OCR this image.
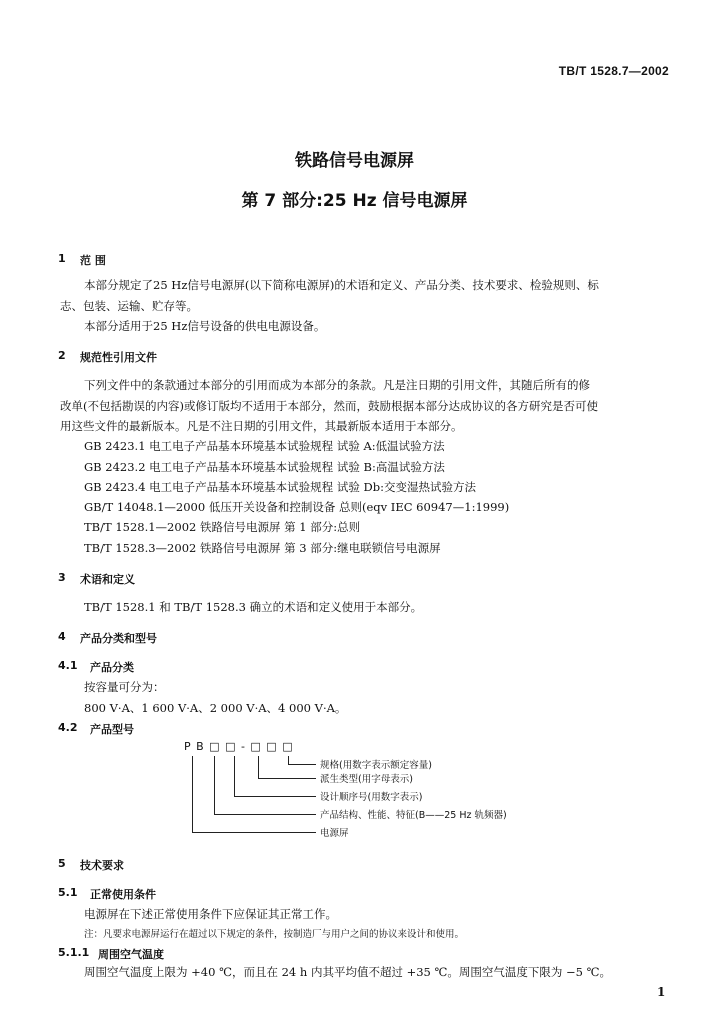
TB/T 1528.7—2002
铁路信号电源屏
第 7 部分:25 Hz 信号电源屏
1 范 围
本部分规定了25 Hz信号电源屏(以下简称电源屏)的术语和定义、产品分类、技术要求、检验规则、标
志、包装、运输、贮存等。
本部分适用于25 Hz信号设备的供电电源设备。
2 规范性引用文件
下列文件中的条款通过本部分的引用而成为本部分的条款。凡是注日期的引用文件，其随后所有的修
改单(不包括勘误的内容)或修订版均不适用于本部分，然而，鼓励根据本部分达成协议的各方研究是否可使
用这些文件的最新版本。凡是不注日期的引用文件，其最新版本适用于本部分。
GB 2423.1 电工电子产品基本环境基本试验规程 试验 A:低温试验方法
GB 2423.2 电工电子产品基本环境基本试验规程 试验 B:高温试验方法
GB 2423.4 电工电子产品基本环境基本试验规程 试验 Db:交变湿热试验方法
GB/T 14048.1—2000 低压开关设备和控制设备 总则(eqv IEC 60947—1:1999)
TB/T 1528.1—2002 铁路信号电源屏 第 1 部分:总则
TB/T 1528.3—2002 铁路信号电源屏 第 3 部分:继电联锁信号电源屏
3 术语和定义
TB/T 1528.1 和 TB/T 1528.3 确立的术语和定义使用于本部分。
4 产品分类和型号
4.1 产品分类
按容量可分为：
800 V·A、1 600 V·A、2 000 V·A、4 000 V·A。
4.2 产品型号
P B □ □ - □ □ □
规格(用数字表示额定容量)
派生类型(用字母表示)
设计顺序号(用数字表示)
产品结构、性能、特征(B——25 Hz 轨频器)
电源屏
5 技术要求
5.1 正常使用条件
电源屏在下述正常使用条件下应保证其正常工作。
注：凡要求电源屏运行在超过以下规定的条件，按制造厂与用户之间的协议来设计和使用。
5.1.1 周围空气温度
周围空气温度上限为 +40 ℃，而且在 24 h 内其平均值不超过 +35 ℃。周围空气温度下限为 −5 ℃。
1
